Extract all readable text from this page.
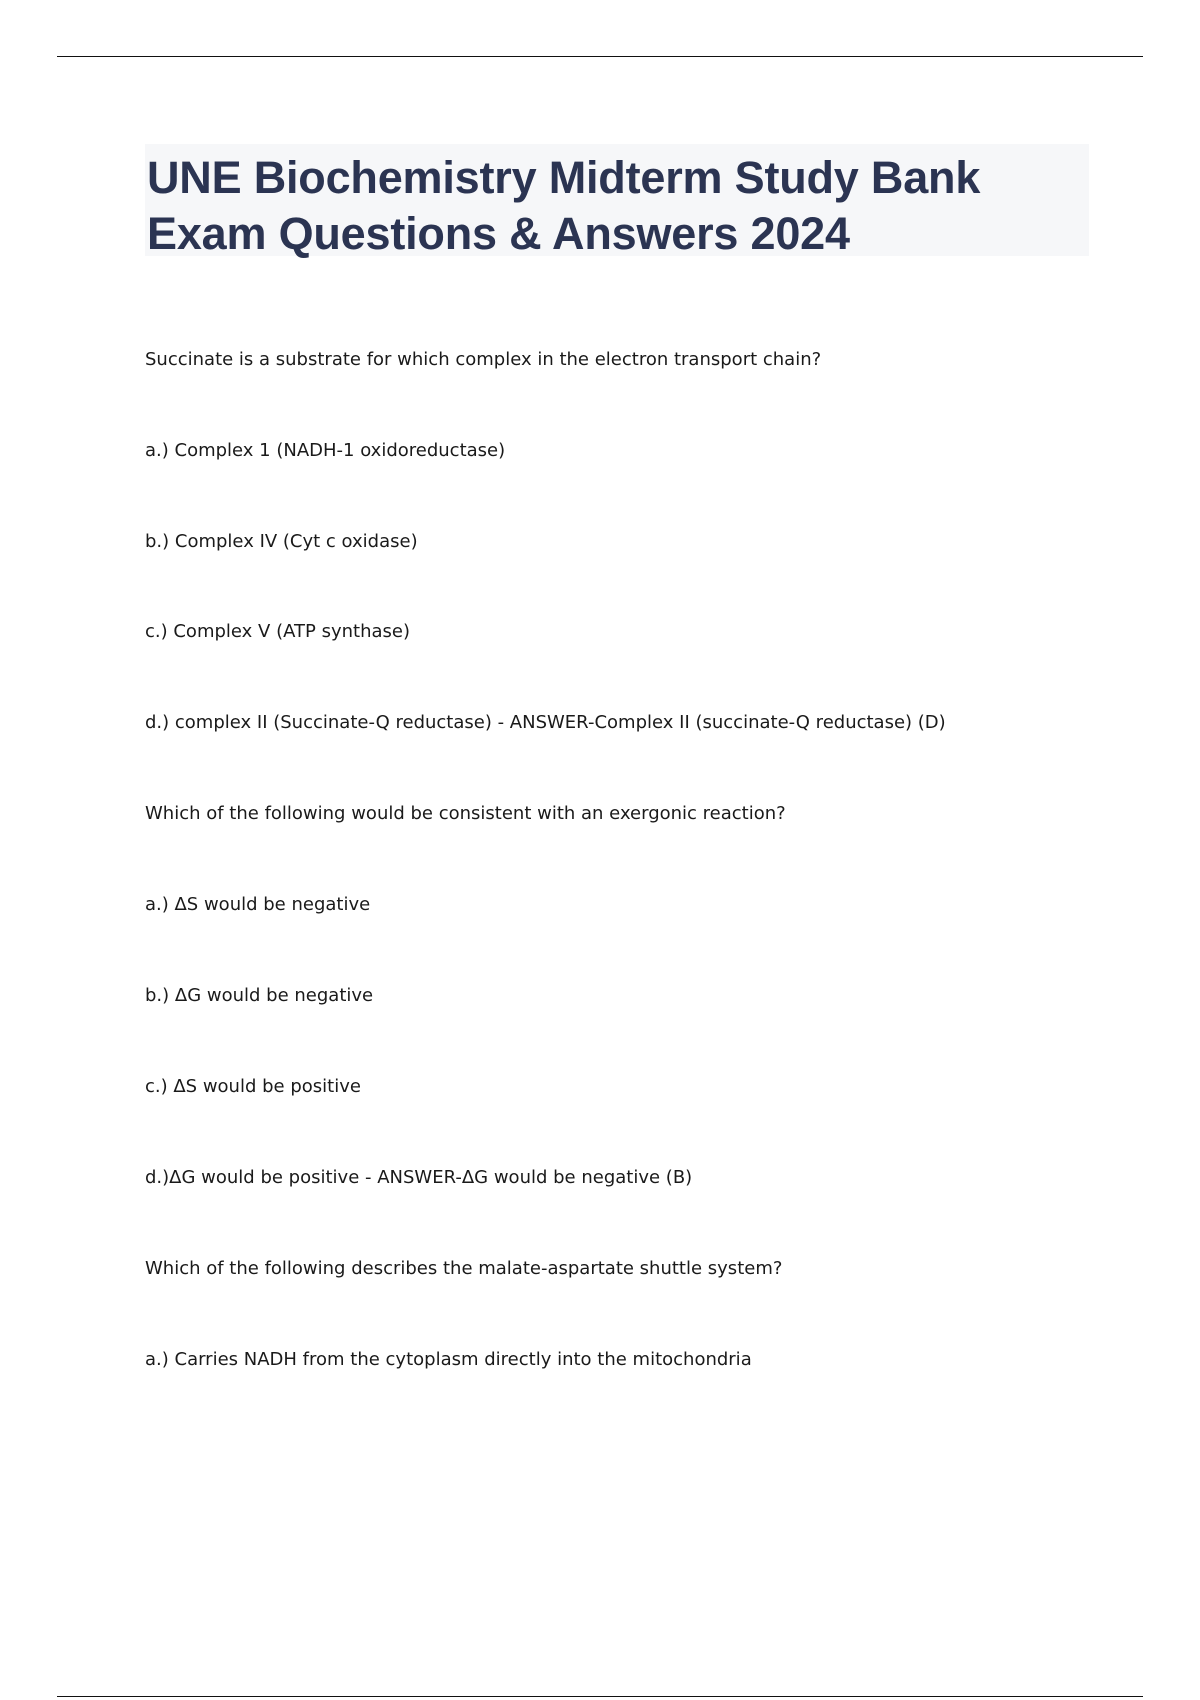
UNE Biochemistry Midterm Study Bank
Exam Questions & Answers 2024

Succinate is a substrate for which complex in the electron transport chain?

a.) Complex 1 (NADH-1 oxidoreductase)

b.) Complex IV (Cyt c oxidase)

c.) Complex V (ATP synthase)

d.) complex II (Succinate-Q reductase) - ANSWER-Complex II (succinate-Q reductase) (D)

Which of the following would be consistent with an exergonic reaction?

a.) ΔS would be negative

b.) ΔG would be negative

c.) ΔS would be positive

d.)ΔG would be positive - ANSWER-ΔG would be negative (B)

Which of the following describes the malate-aspartate shuttle system?

a.) Carries NADH from the cytoplasm directly into the mitochondria
